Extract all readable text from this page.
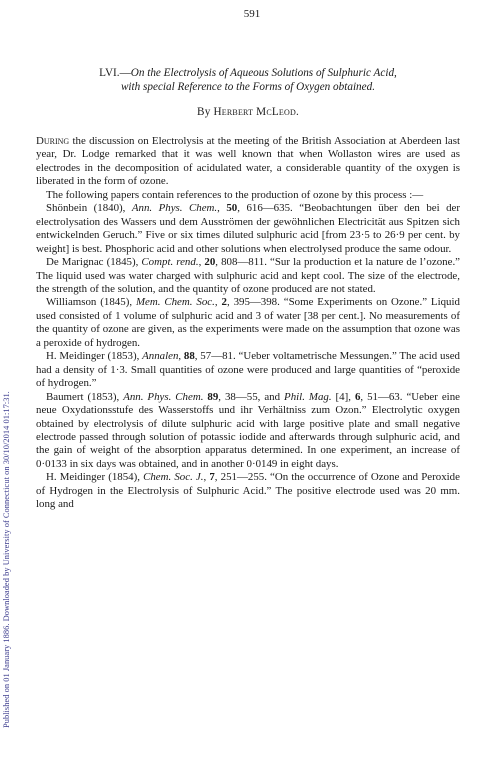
Published on 01 January 1886. Downloaded by University of Connecticut on 30/10/2014 01:17:31.
591
LVI.—On the Electrolysis of Aqueous Solutions of Sulphuric Acid,
with special Reference to the Forms of Oxygen obtained.
By Herbert McLeod.

During the discussion on Electrolysis at the meeting of the British Association at Aberdeen last year, Dr. Lodge remarked that it was well known that when Wollaston wires are used as electrodes in the decomposition of acidulated water, a considerable quantity of the oxygen is liberated in the form of ozone.

The following papers contain references to the production of ozone by this process :—

Shönbein (1840), Ann. Phys. Chem., 50, 616—635. “Beobachtungen über den bei der electrolysation des Wassers und dem Ausströmen der gewöhnlichen Electricität aus Spitzen sich entwickelnden Geruch.” Five or six times diluted sulphuric acid [from 23·5 to 26·9 per cent. by weight] is best. Phosphoric acid and other solutions when electrolysed produce the same odour.

De Marignac (1845), Compt. rend., 20, 808—811. “Sur la production et la nature de l’ozone.” The liquid used was water charged with sulphuric acid and kept cool. The size of the electrode, the strength of the solution, and the quantity of ozone produced are not stated.

Williamson (1845), Mem. Chem. Soc., 2, 395—398. “Some Experiments on Ozone.” Liquid used consisted of 1 volume of sulphuric acid and 3 of water [38 per cent.]. No measurements of the quantity of ozone are given, as the experiments were made on the assumption that ozone was a peroxide of hydrogen.

H. Meidinger (1853), Annalen, 88, 57—81. “Ueber voltametrische Messungen.” The acid used had a density of 1·3. Small quantities of ozone were produced and large quantities of “peroxide of hydrogen.”

Baumert (1853), Ann. Phys. Chem. 89, 38—55, and Phil. Mag. [4], 6, 51—63. “Ueber eine neue Oxydationsstufe des Wasserstoffs und ihr Verhältniss zum Ozon.” Electrolytic oxygen obtained by electrolysis of dilute sulphuric acid with large positive plate and small negative electrode passed through solution of potassic iodide and afterwards through sulphuric acid, and the gain of weight of the absorption apparatus determined. In one experiment, an increase of 0·0133 in six days was obtained, and in another 0·0149 in eight days.

H. Meidinger (1854), Chem. Soc. J., 7, 251—255. “On the occurrence of Ozone and Peroxide of Hydrogen in the Electrolysis of Sulphuric Acid.” The positive electrode used was 20 mm. long and
